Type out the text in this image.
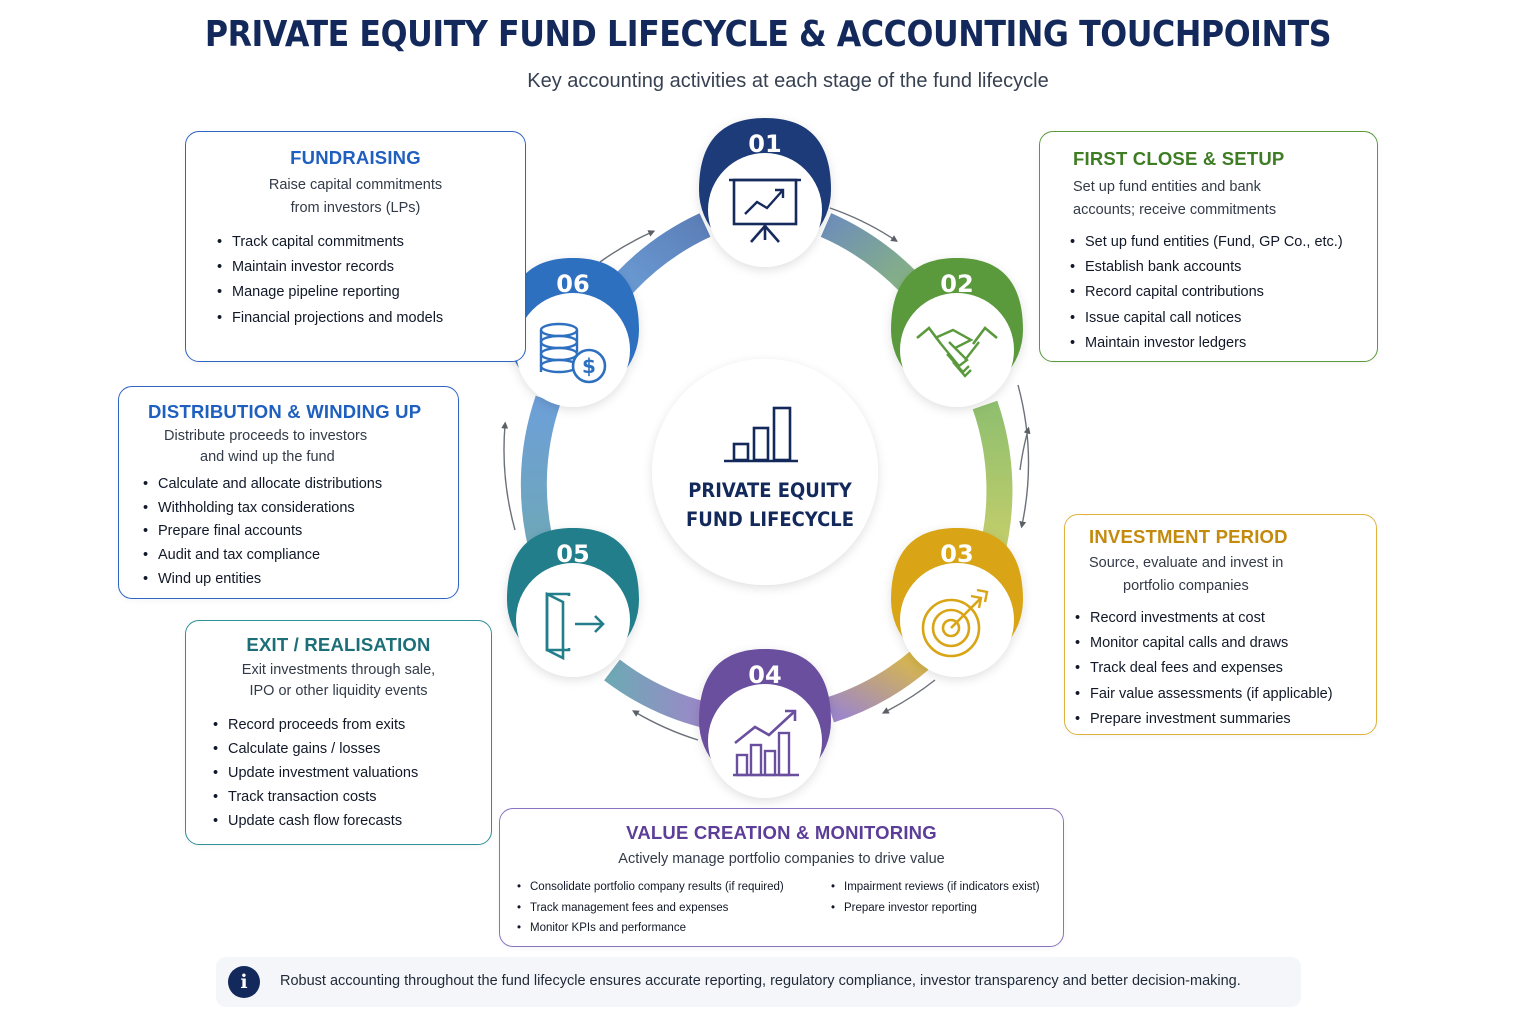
PRIVATE EQUITY FUND LIFECYCLE & ACCOUNTING TOUCHPOINTS
Key accounting activities at each stage of the fund lifecycle
01
02
03
04
05
06
$
PRIVATE EQUITY
FUND LIFECYCLE
FUNDRAISING
Raise capital commitments
from investors (LPs)
• Track capital commitments
• Maintain investor records
• Manage pipeline reporting
• Financial projections and models
FIRST CLOSE & SETUP
Set up fund entities and bank
accounts; receive commitments
• Set up fund entities (Fund, GP Co., etc.)
• Establish bank accounts
• Record capital contributions
• Issue capital call notices
• Maintain investor ledgers
INVESTMENT PERIOD
Source, evaluate and invest in
portfolio companies
• Record investments at cost
• Monitor capital calls and draws
• Track deal fees and expenses
• Fair value assessments (if applicable)
• Prepare investment summaries
VALUE CREATION & MONITORING
Actively manage portfolio companies to drive value
• Consolidate portfolio company results (if required)
• Track management fees and expenses
• Monitor KPIs and performance
• Impairment reviews (if indicators exist)
• Prepare investor reporting
EXIT / REALISATION
Exit investments through sale,
IPO or other liquidity events
• Record proceeds from exits
• Calculate gains / losses
• Update investment valuations
• Track transaction costs
• Update cash flow forecasts
DISTRIBUTION & WINDING UP
Distribute proceeds to investors
and wind up the fund
• Calculate and allocate distributions
• Withholding tax considerations
• Prepare final accounts
• Audit and tax compliance
• Wind up entities
i	Robust accounting throughout the fund lifecycle ensures accurate reporting, regulatory compliance, investor transparency and better decision-making.
